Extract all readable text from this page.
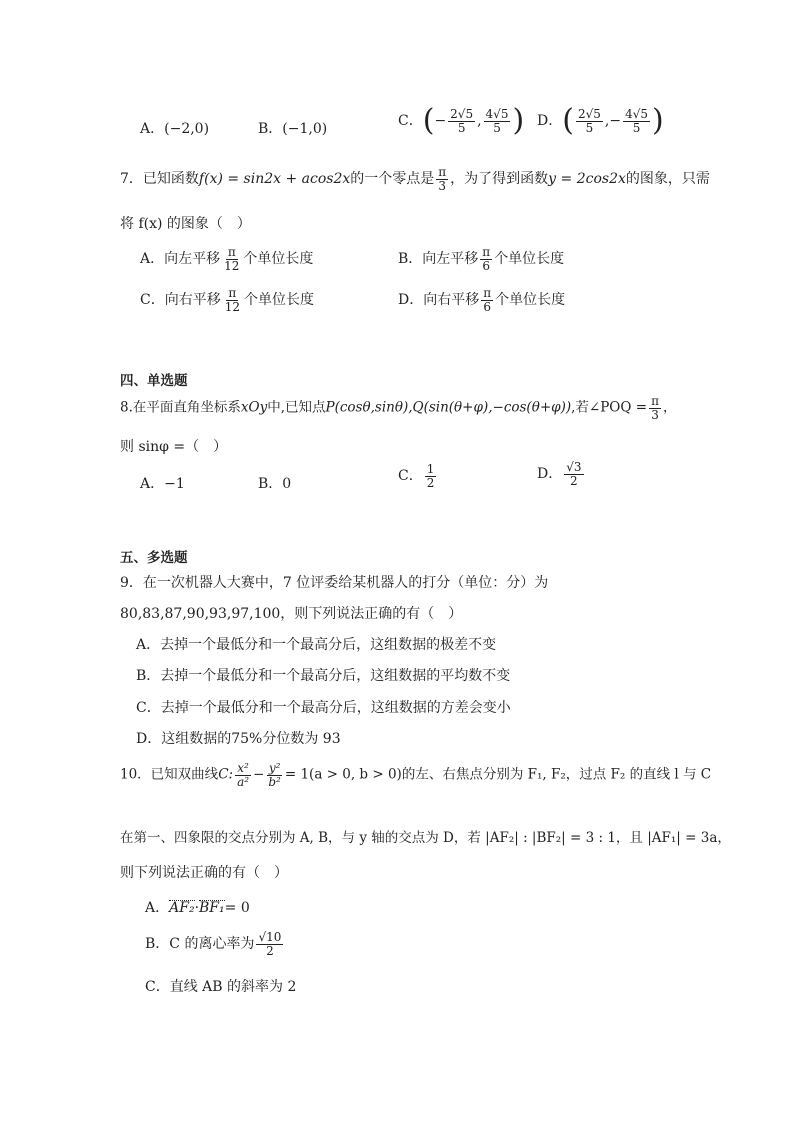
A．(−2,0)	B．(−1,0)	C．(− $\frac{2√5}{5}$ , $\frac{4√5}{5}$ ) D．( $\frac{2√5}{5}$ ,− $\frac{4√5}{5}$ )
7．已知函数f(x) = sin2x + acos2x的一个零点是 $\frac{\pi}{3}$ ，为了得到函数y = 2cos2x的图象，只需
将 f(x) 的图象（　）
A．向左平移 $\frac{\pi}{12}$ 个单位长度	B．向左平移 $\frac{\pi}{6}$ 个单位长度
C．向右平移 $\frac{\pi}{12}$ 个单位长度	D．向右平移 $\frac{\pi}{6}$ 个单位长度
四、单选题
8.在平面直角坐标系xOy中,已知点P(cosθ,sinθ),Q(sin(θ+φ),−cos(θ+φ)),若∠POQ = $\frac{\pi}{3}$ ，
则 sinφ =（　）
A．−1	B．0	C． $\frac{1}{2}$	D． $\frac{√3}{2}$
五、多选题
9．在一次机器人大赛中，7 位评委给某机器人的打分（单位：分）为
80,83,87,90,93,97,100，则下列说法正确的有（　）
A．去掉一个最低分和一个最高分后，这组数据的极差不变
B．去掉一个最低分和一个最高分后，这组数据的平均数不变
C．去掉一个最低分和一个最高分后，这组数据的方差会变小
D．这组数据的75%分位数为 93
10．已知双曲线C: $\frac{\text{x²}}{\text{a²}} - \frac{\text{y²}}{\text{b²}} = 1(a > 0$, b > 0)的左、右焦点分别为 F₁, F₂，过点 F₂ 的直线 l 与 C
在第一、四象限的交点分别为 A, B，与 y 轴的交点为 D，若 |AF₂| : |BF₂| = 3 : 1，且 |AF₁| = 3a，
则下列说法正确的有（　）
A．AF₂·BF₁= 0
B．C 的离心率为 $\frac{√10}{2}$
C．直线 AB 的斜率为 2
